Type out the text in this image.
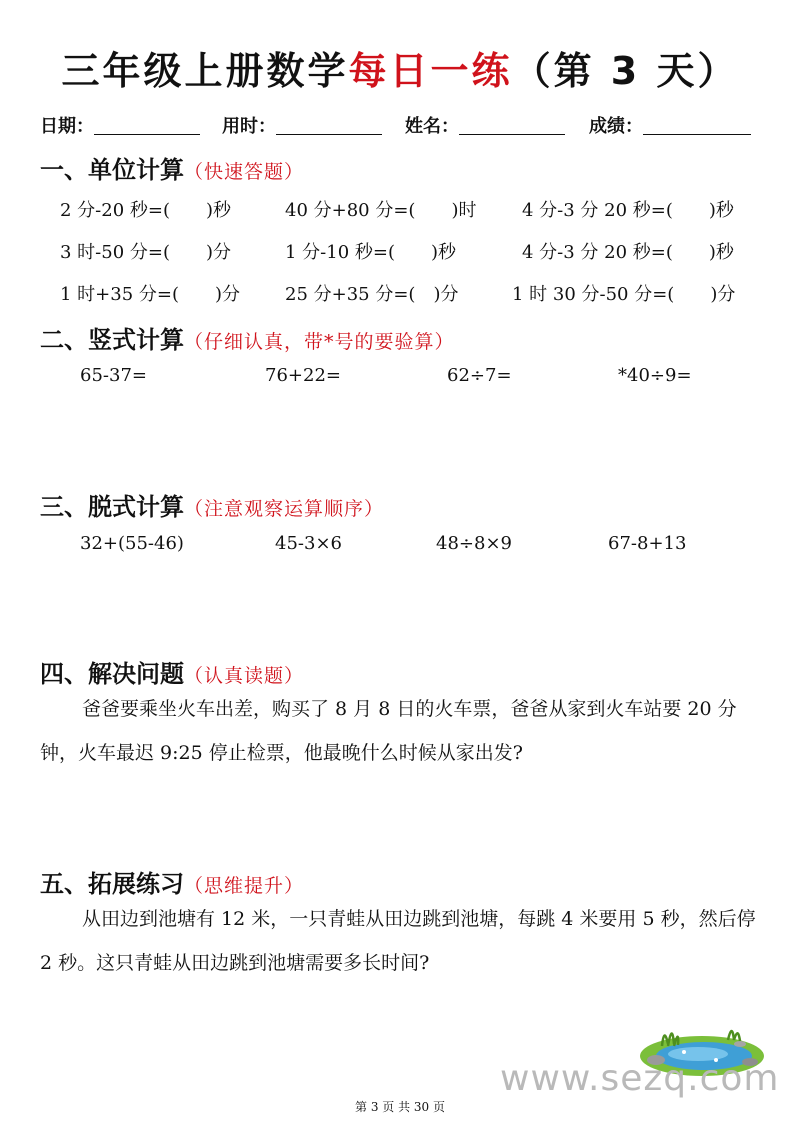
三年级上册数学每日一练（第 3 天）
日期：	用时：	姓名：	成绩：
一、单位计算（快速答题）
2 分-20 秒=(　　)秒	40 分+80 分=(　　)时	4 分-3 分 20 秒=(　　)秒
3 时-50 分=(　　)分	1 分-10 秒=(　　)秒	4 分-3 分 20 秒=(　　)秒
1 时+35 分=(　　)分 25 分+35 分=(　)分	1 时 30 分-50 分=(　　)分
二、竖式计算（仔细认真，带*号的要验算）
65-37=	76+22=	62÷7=	*40÷9=
三、脱式计算（注意观察运算顺序）
32+(55-46)	45-3×6	48÷8×9	67-8+13
四、解决问题（认真读题）
爸爸要乘坐火车出差，购买了 8 月 8 日的火车票，爸爸从家到火车站要 20 分钟，火车最迟 9:25 停止检票，他最晚什么时候从家出发?
五、拓展练习（思维提升）
从田边到池塘有 12 米，一只青蛙从田边跳到池塘，每跳 4 米要用 5 秒，然后停 2 秒。这只青蛙从田边跳到池塘需要多长时间?
www.sezq.com
第 3 页 共 30 页
